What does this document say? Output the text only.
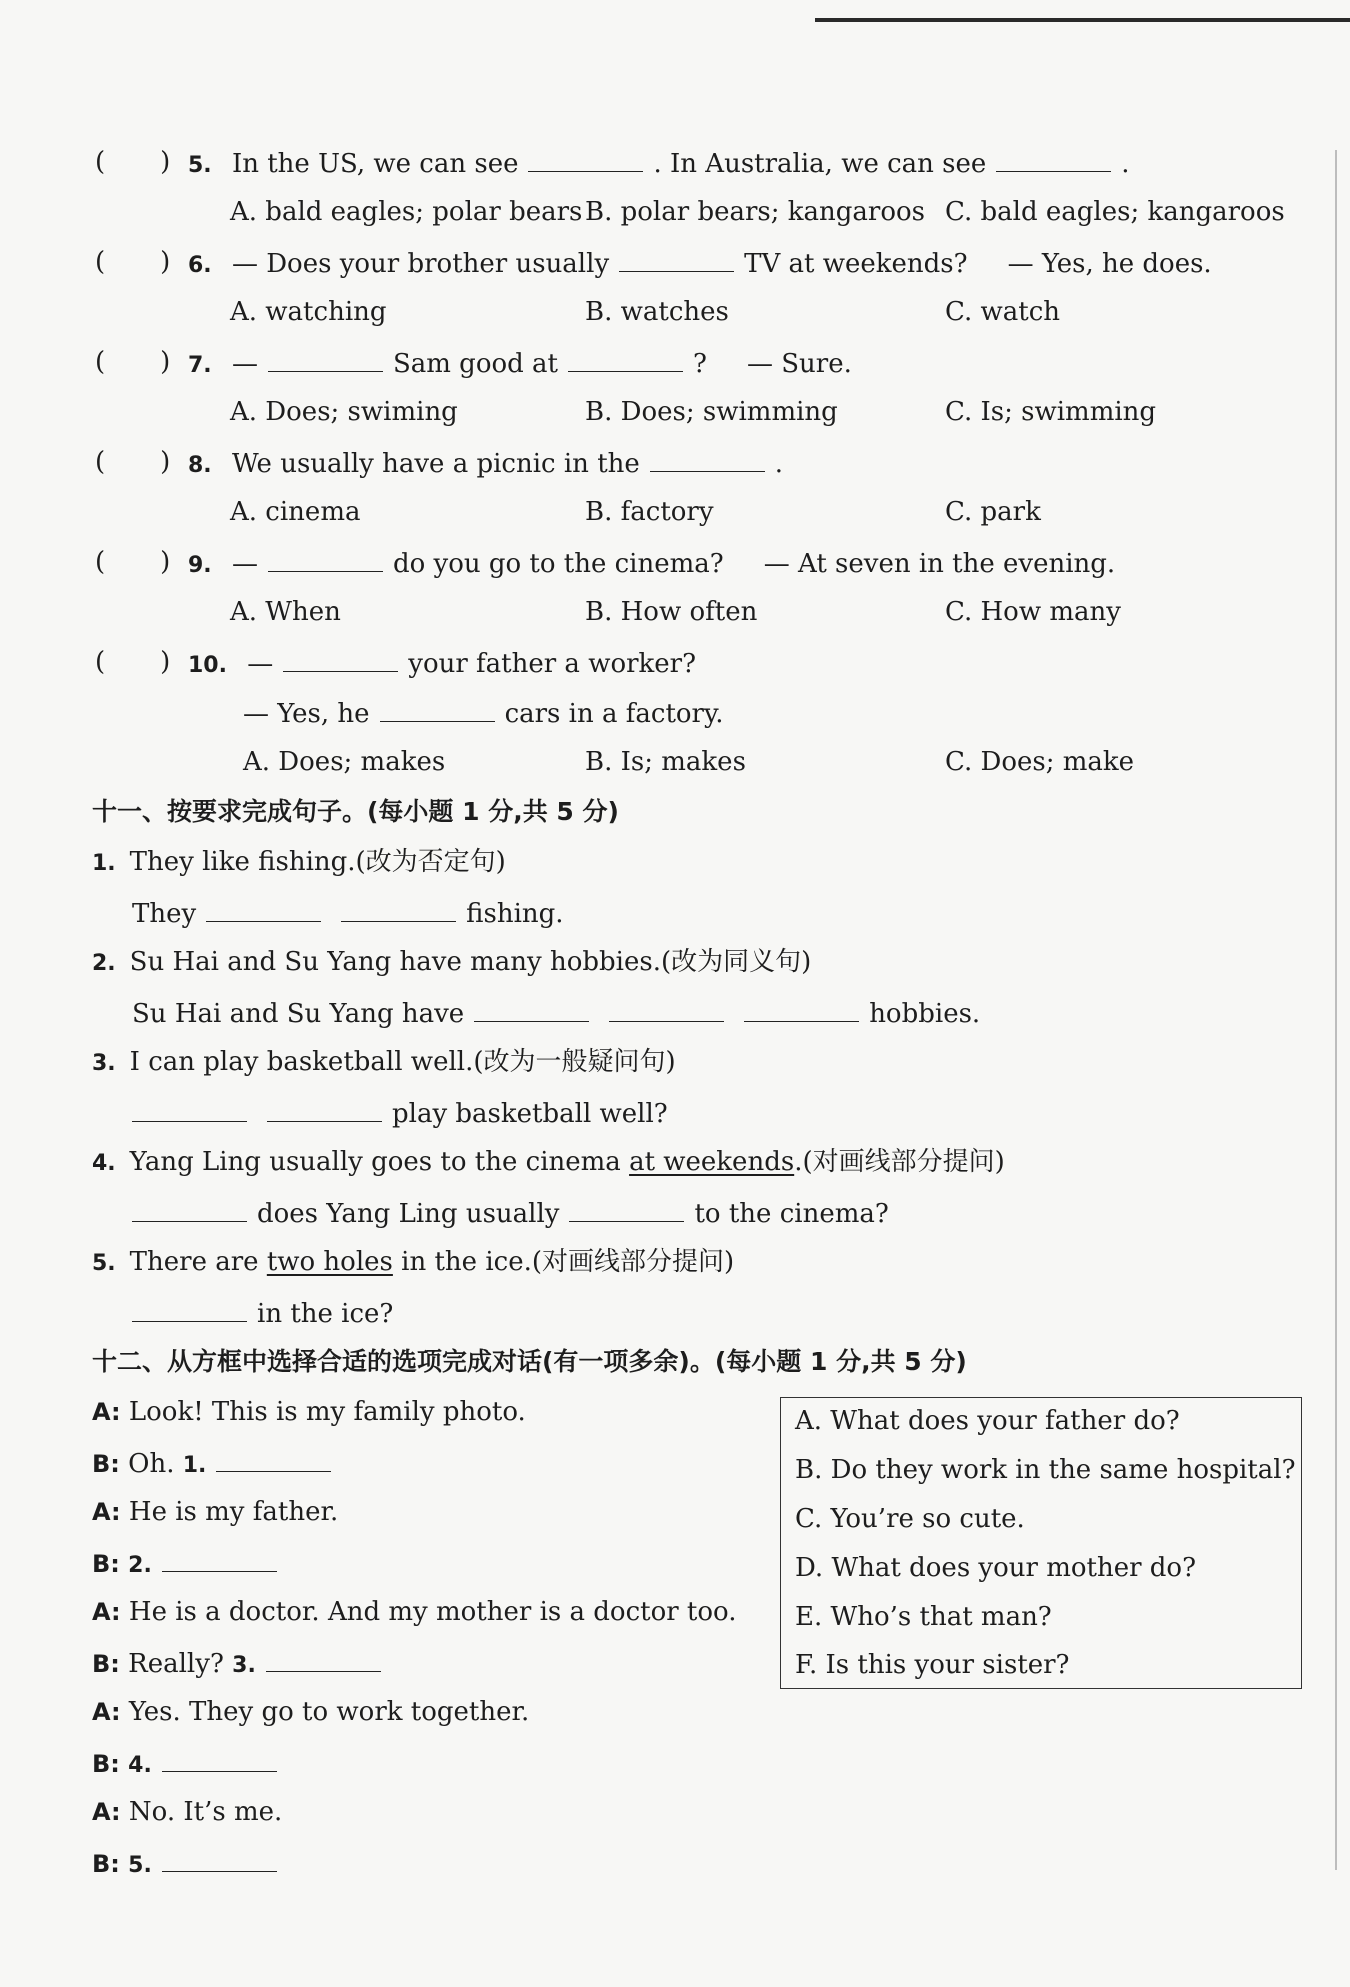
( ) 5. In the US, we can see	. In Australia, we can see	.
A. bald eagles; polar bears B. polar bears; kangaroos C. bald eagles; kangaroos
( ) 6. — Does your brother usually	TV at weekends? — Yes, he does.
A. watching	B. watches	C. watch
( ) 7. —	Sam good at	? — Sure.
A. Does; swiming	B. Does; swimming	C. Is; swimming
( ) 8. We usually have a picnic in the	.
A. cinema	B. factory	C. park
( ) 9. —	do you go to the cinema? — At seven in the evening.
A. When	B. How often	C. How many
( ) 10. —	your father a worker?
— Yes, he	cars in a factory.
A. Does; makes	B. Is; makes	C. Does; make
十一、按要求完成句子。(每小题 1 分,共 5 分)
1. They like fishing.(改为否定句)
They	fishing.
2. Su Hai and Su Yang have many hobbies.(改为同义句)
Su Hai and Su Yang have	hobbies.
3. I can play basketball well.(改为一般疑问句)
play basketball well?
4. Yang Ling usually goes to the cinema at weekends.(对画线部分提问)
does Yang Ling usually	to the cinema?
5. There are two holes in the ice.(对画线部分提问)
in the ice?
十二、从方框中选择合适的选项完成对话(有一项多余)。(每小题 1 分,共 5 分)
A: Look! This is my family photo.
B: Oh. 1.
A: He is my father.
B: 2.
A: He is a doctor. And my mother is a doctor too.
B: Really? 3.
A: Yes. They go to work together.
B: 4.
A: No. It’s me.
B: 5.
A. What does your father do?
B. Do they work in the same hospital?
C. You’re so cute.
D. What does your mother do?
E. Who’s that man?
F. Is this your sister?
